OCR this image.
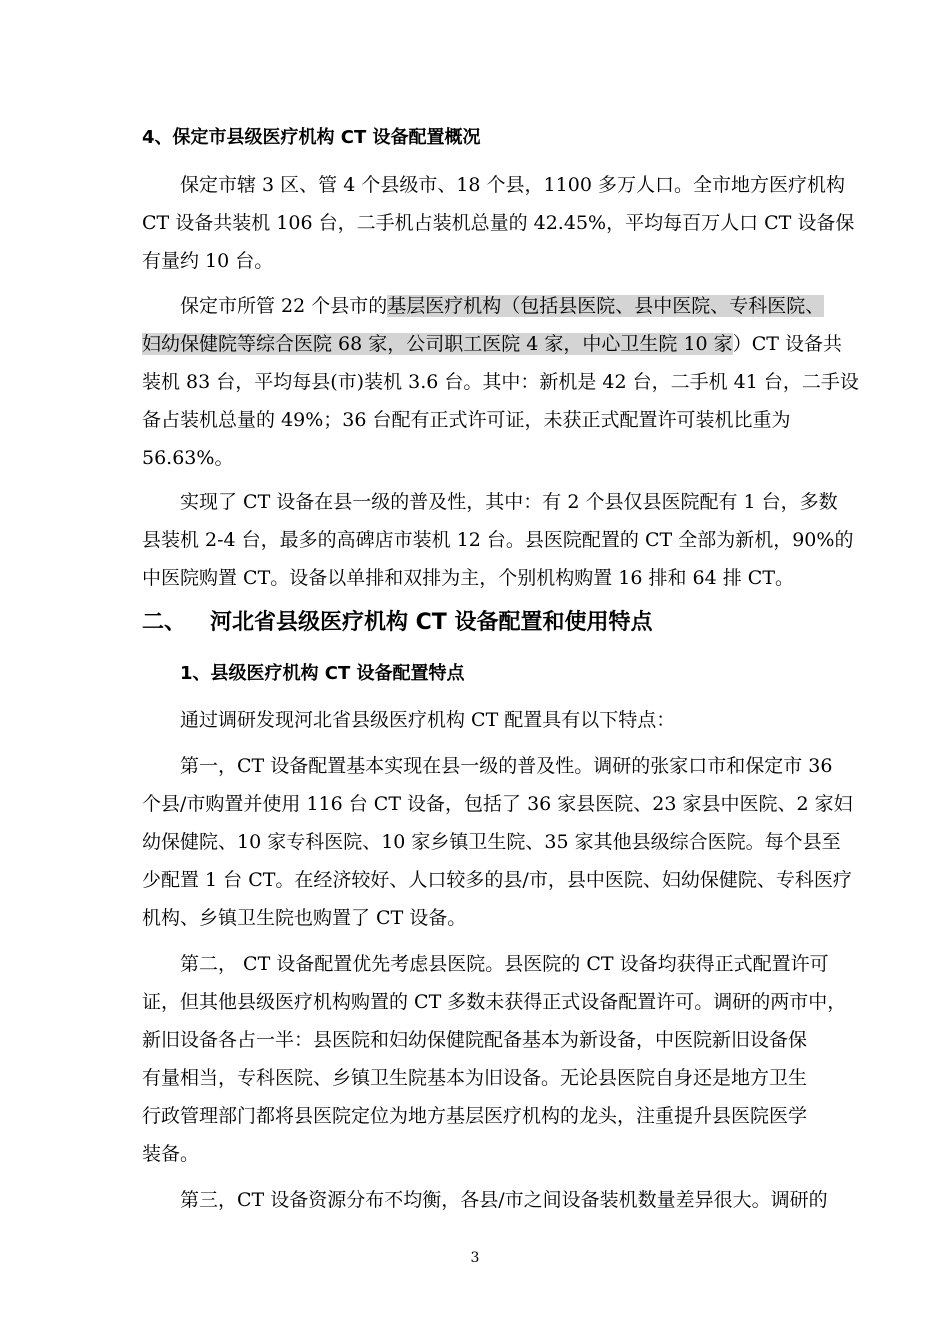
4、保定市县级医疗机构 CT 设备配置概况
保定市辖 3 区、管 4 个县级市、18 个县，1100 多万人口。全市地方医疗机构
CT 设备共装机 106 台，二手机占装机总量的 42.45%，平均每百万人口 CT 设备保
有量约 10 台。
保定市所管 22 个县市的基层医疗机构（包括县医院、县中医院、专科医院、
妇幼保健院等综合医院 68 家，公司职工医院 4 家，中心卫生院 10 家）CT 设备共
装机 83 台，平均每县(市)装机 3.6 台。其中：新机是 42 台，二手机 41 台，二手设
备占装机总量的 49%；36 台配有正式许可证，未获正式配置许可装机比重为
56.63%。
实现了 CT 设备在县一级的普及性，其中：有 2 个县仅县医院配有 1 台，多数
县装机 2-4 台，最多的高碑店市装机 12 台。县医院配置的 CT 全部为新机，90%的
中医院购置 CT。设备以单排和双排为主，个别机构购置 16 排和 64 排 CT。
二、 河北省县级医疗机构 CT 设备配置和使用特点
1、县级医疗机构 CT 设备配置特点
通过调研发现河北省县级医疗机构 CT 配置具有以下特点：
第一，CT 设备配置基本实现在县一级的普及性。调研的张家口市和保定市 36
个县/市购置并使用 116 台 CT 设备，包括了 36 家县医院、23 家县中医院、2 家妇
幼保健院、10 家专科医院、10 家乡镇卫生院、35 家其他县级综合医院。每个县至
少配置 1 台 CT。在经济较好、人口较多的县/市，县中医院、妇幼保健院、专科医疗
机构、乡镇卫生院也购置了 CT 设备。
第二， CT 设备配置优先考虑县医院。县医院的 CT 设备均获得正式配置许可
证，但其他县级医疗机构购置的 CT 多数未获得正式设备配置许可。调研的两市中，
新旧设备各占一半：县医院和妇幼保健院配备基本为新设备，中医院新旧设备保
有量相当，专科医院、乡镇卫生院基本为旧设备。无论县医院自身还是地方卫生
行政管理部门都将县医院定位为地方基层医疗机构的龙头，注重提升县医院医学
装备。
第三，CT 设备资源分布不均衡，各县/市之间设备装机数量差异很大。调研的
3
